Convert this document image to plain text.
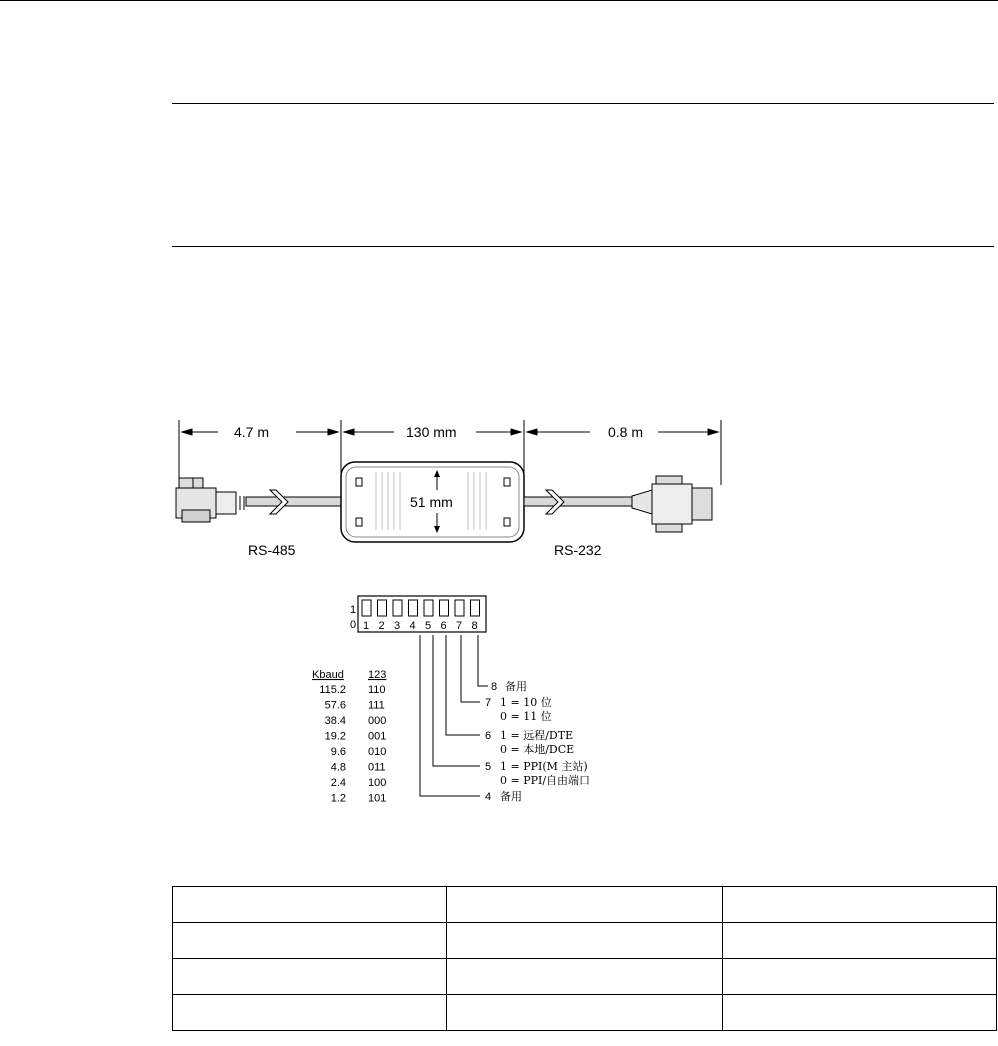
4.7 m	130 mm	0.8 m
51 mm
RS-485	RS-232
1
0 1 2 3 4 5 6 7 8
Kbaud 123
115.2 110
57.6 111
38.4 000
19.2 001
9.6 010
4.8 011
2.4 100
1.2 101
8 备用
7 1 = 10 位
0 = 11 位
6 1 = 远程/DTE
0 = 本地/DCE
5 1 = PPI(M 主站)
0 = PPI/自由端口
4 备用
